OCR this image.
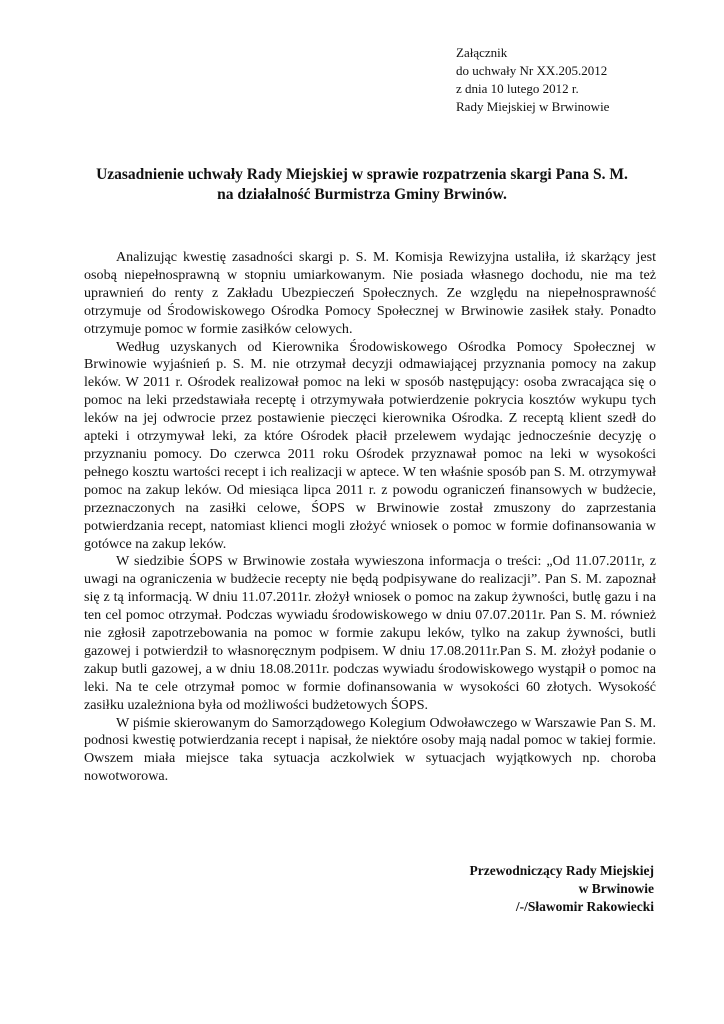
Załącznik
do uchwały Nr XX.205.2012
z dnia 10 lutego 2012 r.
Rady Miejskiej w Brwinowie
Uzasadnienie uchwały Rady Miejskiej w sprawie rozpatrzenia skargi Pana S. M.
na działalność Burmistrza Gminy Brwinów.

Analizując kwestię zasadności skargi p. S. M. Komisja Rewizyjna ustaliła, iż skarżący jest osobą niepełnosprawną w stopniu umiarkowanym. Nie posiada własnego dochodu, nie ma też uprawnień do renty z Zakładu Ubezpieczeń Społecznych. Ze względu na niepełnosprawność otrzymuje od Środowiskowego Ośrodka Pomocy Społecznej w Brwinowie zasiłek stały. Ponadto otrzymuje pomoc w formie zasiłków celowych.

Według uzyskanych od Kierownika Środowiskowego Ośrodka Pomocy Społecznej w Brwinowie wyjaśnień p. S. M. nie otrzymał decyzji odmawiającej przyznania pomocy na zakup leków. W 2011 r. Ośrodek realizował pomoc na leki w sposób następujący: osoba zwracająca się o pomoc na leki przedstawiała receptę i otrzymywała potwierdzenie pokrycia kosztów wykupu tych leków na jej odwrocie przez postawienie pieczęci kierownika Ośrodka. Z receptą klient szedł do apteki i otrzymywał leki, za które Ośrodek płacił przelewem wydając jednocześnie decyzję o przyznaniu pomocy. Do czerwca 2011 roku Ośrodek przyznawał pomoc na leki w wysokości pełnego kosztu wartości recept i ich realizacji w aptece. W ten właśnie sposób pan S. M. otrzymywał pomoc na zakup leków. Od miesiąca lipca 2011 r. z powodu ograniczeń finansowych w budżecie, przeznaczonych na zasiłki celowe, ŚOPS w Brwinowie został zmuszony do zaprzestania potwierdzania recept, natomiast klienci mogli złożyć wniosek o pomoc w formie dofinansowania w gotówce na zakup leków.

W siedzibie ŚOPS w Brwinowie została wywieszona informacja o treści: „Od 11.07.2011r, z uwagi na ograniczenia w budżecie recepty nie będą podpisywane do realizacji”. Pan S. M. zapoznał się z tą informacją. W dniu 11.07.2011r. złożył wniosek o pomoc na zakup żywności, butlę gazu i na ten cel pomoc otrzymał. Podczas wywiadu środowiskowego w dniu 07.07.2011r. Pan S. M. również nie zgłosił zapotrzebowania na pomoc w formie zakupu leków, tylko na zakup żywności, butli gazowej i potwierdził to własnoręcznym podpisem. W dniu 17.08.2011r.Pan S. M. złożył podanie o zakup butli gazowej, a w dniu 18.08.2011r. podczas wywiadu środowiskowego wystąpił o pomoc na leki. Na te cele otrzymał pomoc w formie dofinansowania w wysokości 60 złotych. Wysokość zasiłku uzależniona była od możliwości budżetowych ŚOPS.

W piśmie skierowanym do Samorządowego Kolegium Odwoławczego w Warszawie Pan S. M. podnosi kwestię potwierdzania recept i napisał, że niektóre osoby mają nadal pomoc w takiej formie. Owszem miała miejsce taka sytuacja aczkolwiek w sytuacjach wyjątkowych np. choroba nowotworowa.

Przewodniczący Rady Miejskiej
w Brwinowie
/-/Sławomir Rakowiecki
